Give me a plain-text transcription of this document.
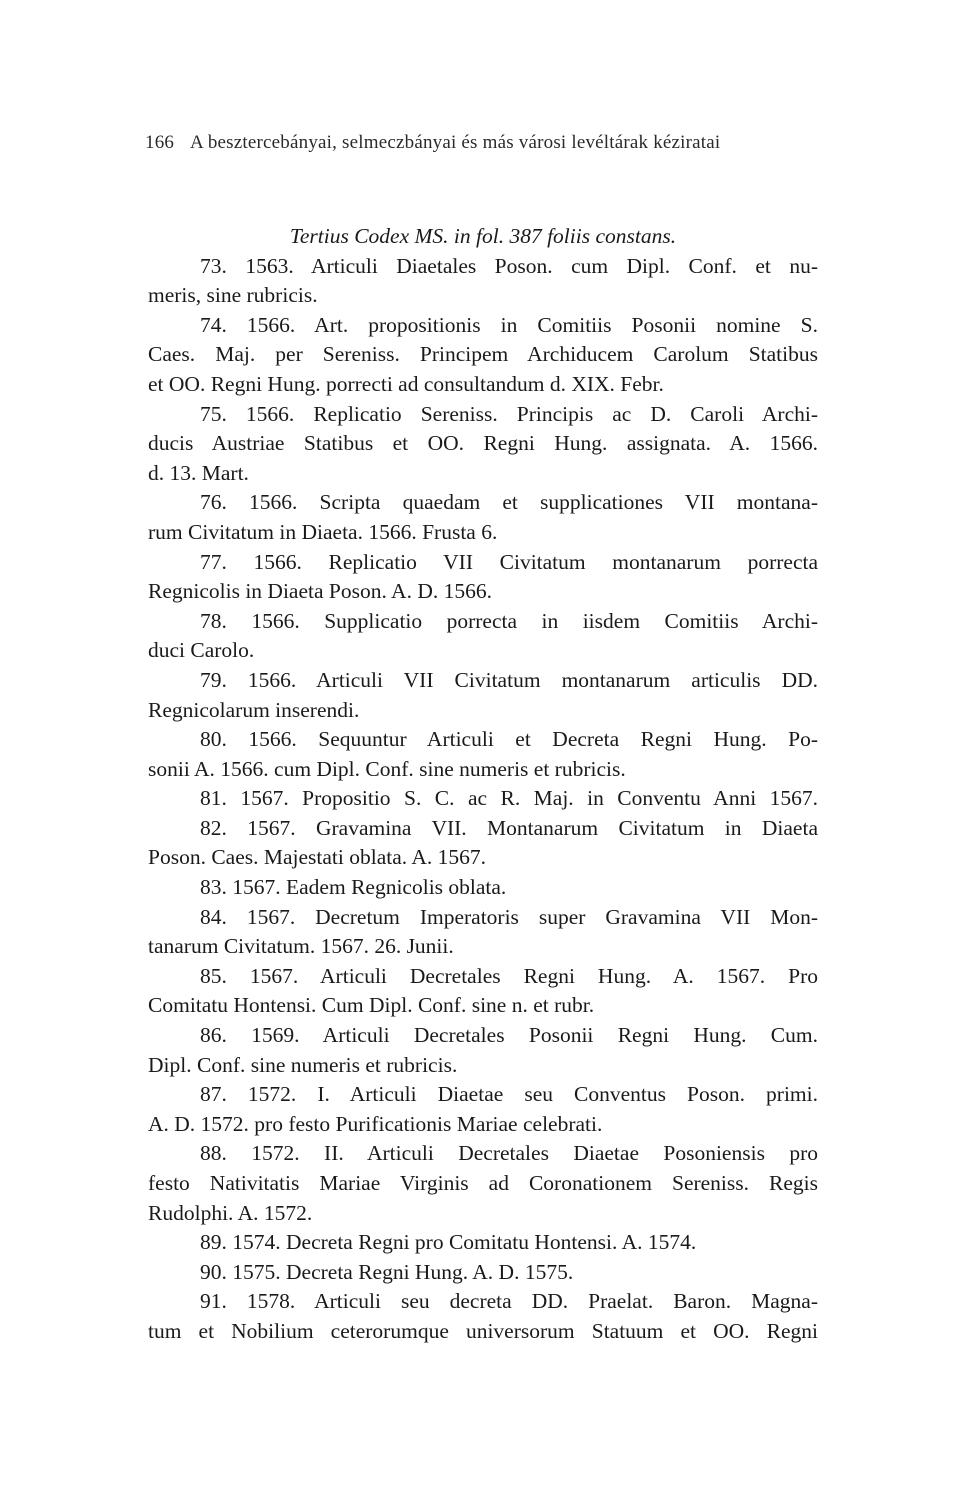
166 A besztercebányai, selmeczbányai és más városi levéltárak kéziratai
Tertius Codex MS. in fol. 387 foliis constans.
73. 1563. Articuli Diaetales Poson. cum Dipl. Conf. et nu-
meris, sine rubricis.
74. 1566. Art. propositionis in Comitiis Posonii nomine S.
Caes. Maj. per Sereniss. Principem Archiducem Carolum Statibus
et OO. Regni Hung. porrecti ad consultandum d. XIX. Febr.
75. 1566. Replicatio Sereniss. Principis ac D. Caroli Archi-
ducis Austriae Statibus et OO. Regni Hung. assignata. A. 1566.
d. 13. Mart.
76. 1566. Scripta quaedam et supplicationes VII montana-
rum Civitatum in Diaeta. 1566. Frusta 6.
77. 1566. Replicatio VII Civitatum montanarum porrecta
Regnicolis in Diaeta Poson. A. D. 1566.
78. 1566. Supplicatio porrecta in iisdem Comitiis Archi-
duci Carolo.
79. 1566. Articuli VII Civitatum montanarum articulis DD.
Regnicolarum inserendi.
80. 1566. Sequuntur Articuli et Decreta Regni Hung. Po-
sonii A. 1566. cum Dipl. Conf. sine numeris et rubricis.
81. 1567. Propositio S. C. ac R. Maj. in Conventu Anni 1567.
82. 1567. Gravamina VII. Montanarum Civitatum in Diaeta
Poson. Caes. Majestati oblata. A. 1567.
83. 1567. Eadem Regnicolis oblata.
84. 1567. Decretum Imperatoris super Gravamina VII Mon-
tanarum Civitatum. 1567. 26. Junii.
85. 1567. Articuli Decretales Regni Hung. A. 1567. Pro
Comitatu Hontensi. Cum Dipl. Conf. sine n. et rubr.
86. 1569. Articuli Decretales Posonii Regni Hung. Cum.
Dipl. Conf. sine numeris et rubricis.
87. 1572. I. Articuli Diaetae seu Conventus Poson. primi.
A. D. 1572. pro festo Purificationis Mariae celebrati.
88. 1572. II. Articuli Decretales Diaetae Posoniensis pro
festo Nativitatis Mariae Virginis ad Coronationem Sereniss. Regis
Rudolphi. A. 1572.
89. 1574. Decreta Regni pro Comitatu Hontensi. A. 1574.
90. 1575. Decreta Regni Hung. A. D. 1575.
91. 1578. Articuli seu decreta DD. Praelat. Baron. Magna-
tum et Nobilium ceterorumque universorum Statuum et OO. Regni
